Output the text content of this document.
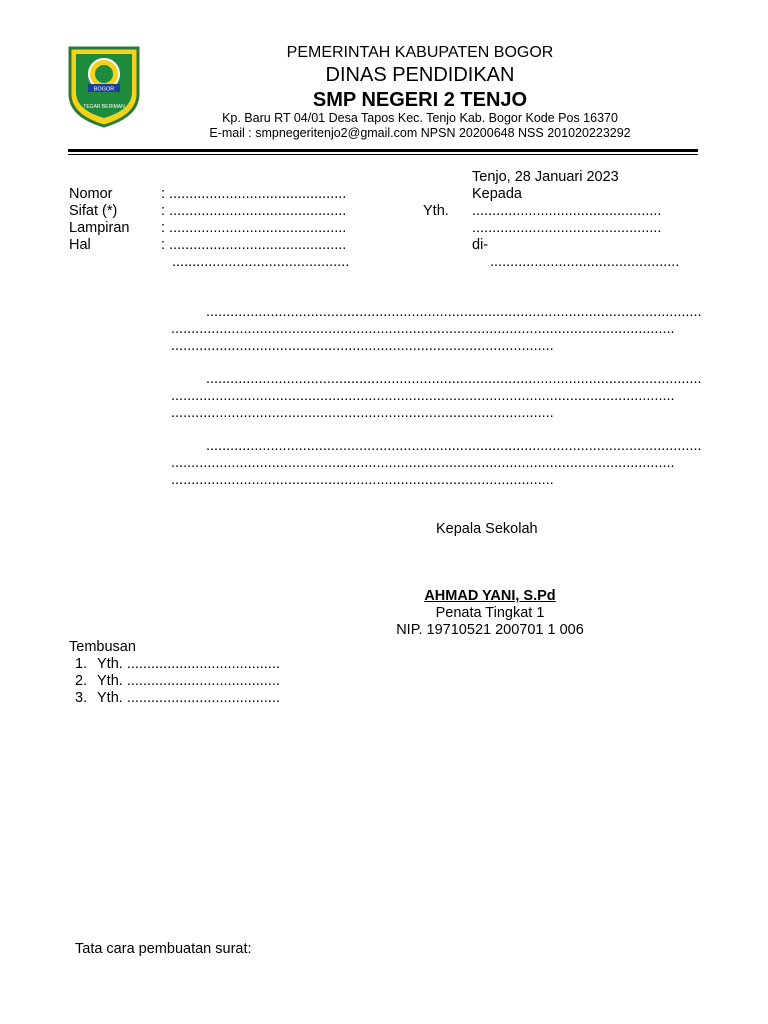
BOGOR
TEGAR BERIMAN
PEMERINTAH KABUPATEN BOGOR
DINAS PENDIDIKAN
SMP NEGERI 2 TENJO
Kp. Baru RT 04/01 Desa Tapos Kec. Tenjo Kab. Bogor Kode Pos 16370
E-mail : smpnegeritenjo2@gmail.com NPSN 20200648 NSS 201020223292
Tenjo, 28 Januari 2023
Kepada
Yth. ...............................................
...............................................
di-
...............................................
Nomor	: ............................................
Sifat (*)	: ............................................
Lampiran : ............................................
Hal	: ............................................
............................................
...........................................................................................................................
.............................................................................................................................
...............................................................................................
...........................................................................................................................
.............................................................................................................................
...............................................................................................
...........................................................................................................................
.............................................................................................................................
...............................................................................................
Kepala Sekolah
AHMAD YANI, S.Pd
Penata Tingkat 1
NIP. 19710521 200701 1 006
Tembusan
1. Yth. ......................................
2. Yth. ......................................
3. Yth. ......................................
Tata cara pembuatan surat:
